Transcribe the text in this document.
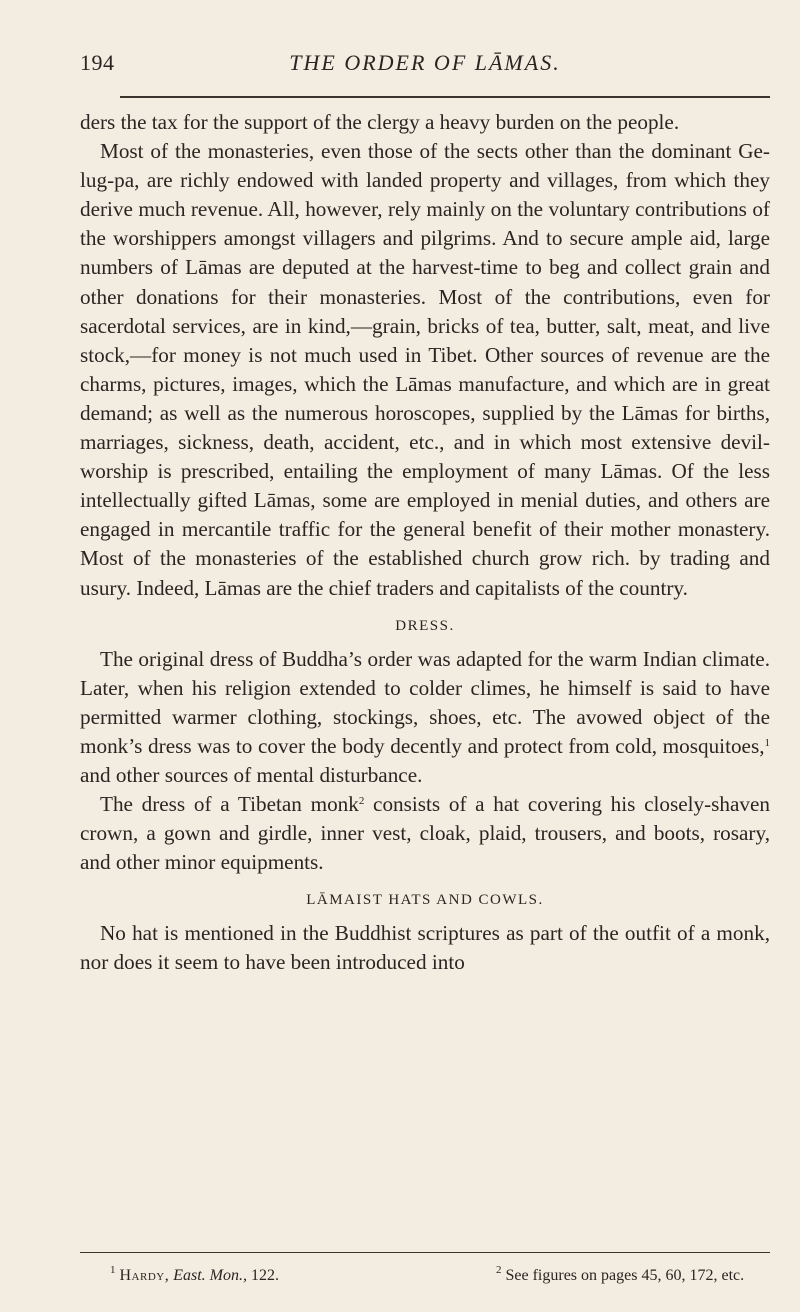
194	THE ORDER OF LĀMAS.

ders the tax for the support of the clergy a heavy burden on the people.

Most of the monasteries, even those of the sects other than the dominant Ge-lug-pa, are richly endowed with landed property and villages, from which they derive much revenue. All, however, rely mainly on the voluntary contributions of the worshippers amongst villagers and pilgrims. And to secure ample aid, large numbers of Lāmas are deputed at the harvest-time to beg and collect grain and other donations for their monasteries. Most of the contributions, even for sacerdotal services, are in kind,—grain, bricks of tea, butter, salt, meat, and live stock,—for money is not much used in Tibet. Other sources of revenue are the charms, pictures, images, which the Lāmas manufacture, and which are in great demand; as well as the numerous horoscopes, supplied by the Lāmas for births, marriages, sickness, death, accident, etc., and in which most extensive devil-worship is prescribed, entailing the employment of many Lāmas. Of the less intellectually gifted Lāmas, some are employed in menial duties, and others are engaged in mercantile traffic for the general benefit of their mother monastery. Most of the monasteries of the established church grow rich. by trading and usury. Indeed, Lāmas are the chief traders and capitalists of the country.

DRESS.

The original dress of Buddha’s order was adapted for the warm Indian climate. Later, when his religion extended to colder climes, he himself is said to have permitted warmer clothing, stockings, shoes, etc. The avowed object of the monk’s dress was to cover the body decently and protect from cold, mosquitoes,$^1$ and other sources of mental disturbance.

The dress of a Tibetan monk$^2$ consists of a hat covering his closely-shaven crown, a gown and girdle, inner vest, cloak, plaid, trousers, and boots, rosary, and other minor equipments.

LĀMAIST HATS AND COWLS.

No hat is mentioned in the Buddhist scriptures as part of the outfit of a monk, nor does it seem to have been introduced into

$^1$ Hardy, East. Mon., 122.	$^2$ See figures on pages 45, 60, 172, etc.
